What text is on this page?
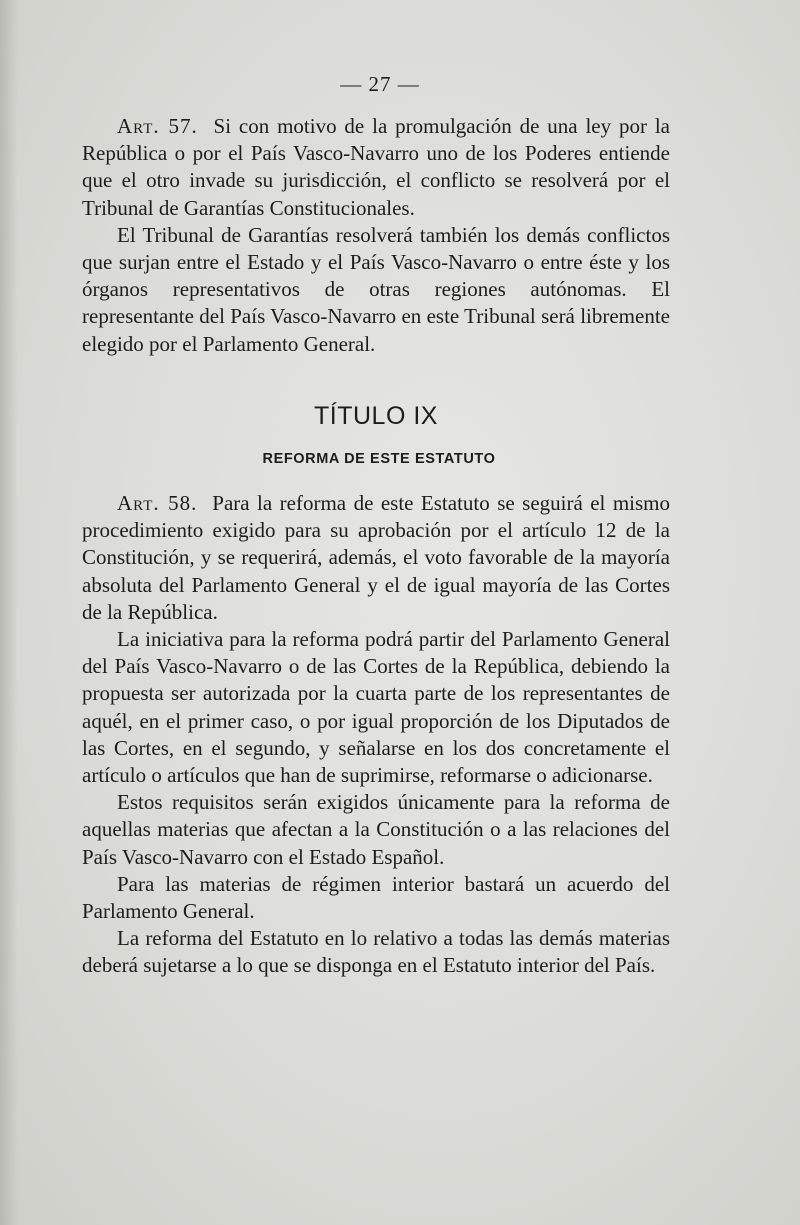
— 27 —

Art. 57. Si con motivo de la promulgación de una ley por la República o por el País Vasco-Navarro uno de los Poderes entiende que el otro invade su jurisdicción, el conflicto se resolverá por el Tribunal de Garantías Constitucionales.

El Tribunal de Garantías resolverá también los demás conflictos que surjan entre el Estado y el País Vasco-Navarro o entre éste y los órganos representativos de otras regiones autónomas. El representante del País Vasco-Navarro en este Tribunal será libremente elegido por el Parlamento General.

TÍTULO IX
REFORMA DE ESTE ESTATUTO

Art. 58. Para la reforma de este Estatuto se seguirá el mismo procedimiento exigido para su aprobación por el artículo 12 de la Constitución, y se requerirá, además, el voto favorable de la mayoría absoluta del Parlamento General y el de igual mayoría de las Cortes de la República.

La iniciativa para la reforma podrá partir del Parlamento General del País Vasco-Navarro o de las Cortes de la República, debiendo la propuesta ser autorizada por la cuarta parte de los representantes de aquél, en el primer caso, o por igual proporción de los Diputados de las Cortes, en el segundo, y señalarse en los dos concretamente el artículo o artículos que han de suprimirse, reformarse o adicionarse.

Estos requisitos serán exigidos únicamente para la reforma de aquellas materias que afectan a la Constitución o a las relaciones del País Vasco-Navarro con el Estado Español.

Para las materias de régimen interior bastará un acuerdo del Parlamento General.

La reforma del Estatuto en lo relativo a todas las demás materias deberá sujetarse a lo que se disponga en el Estatuto interior del País.
